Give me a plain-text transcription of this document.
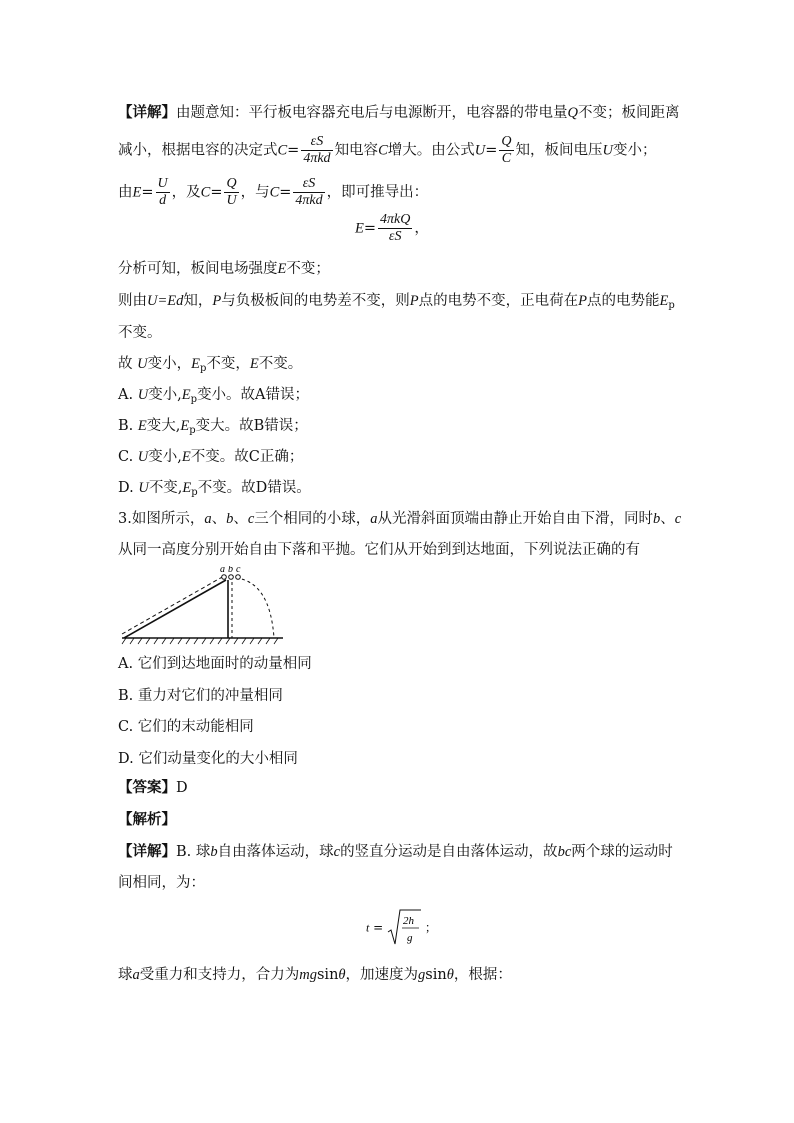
【详解】由题意知：平行板电容器充电后与电源断开，电容器的带电量Q不变；板间距离
减小，根据电容的决定式$C= \frac{\varepsilon S}{\text{4πkd}}$ 知电容C增大。由公式$U= \frac{Q}{C}$ 知，板间电压U变小；
由$E= \frac{U}{d}$ ，及$C= \frac{Q}{U}$ ，与$C= \frac{\varepsilon S}{\text{4πkd}}$ ，即可推导出：
$E= \frac{\text{4πkQ}}{\varepsilon S}$ ，
分析可知，板间电场强度E不变；
则由U=Ed知，P与负极板间的电势差不变，则P点的电势不变，正电荷在P点的电势能$E_p$
不变。
故 U变小，$E_p$不变，E不变。
A. U变小$,E_p$变小。故A错误；
B. E变大$,E_p$变大。故B错误；
C. U变小,E不变。故C正确；
D. U不变$,E_p$不变。故D错误。
3.如图所示，a、b、c三个相同的小球，a从光滑斜面顶端由静止开始自由下滑，同时b、c
从同一高度分别开始自由下落和平抛。它们从开始到到达地面，下列说法正确的有
a b c
A. 它们到达地面时的动量相同
B. 重力对它们的冲量相同
C. 它们的末动能相同
D. 它们动量变化的大小相同
【答案】D
【解析】
【详解】B. 球b自由落体运动，球c的竖直分运动是自由落体运动，故bc两个球的运动时
间相同，为：
t = 2h
g
；
球a受重力和支持力，合力为mgsinθ，加速度为gsinθ，根据：
